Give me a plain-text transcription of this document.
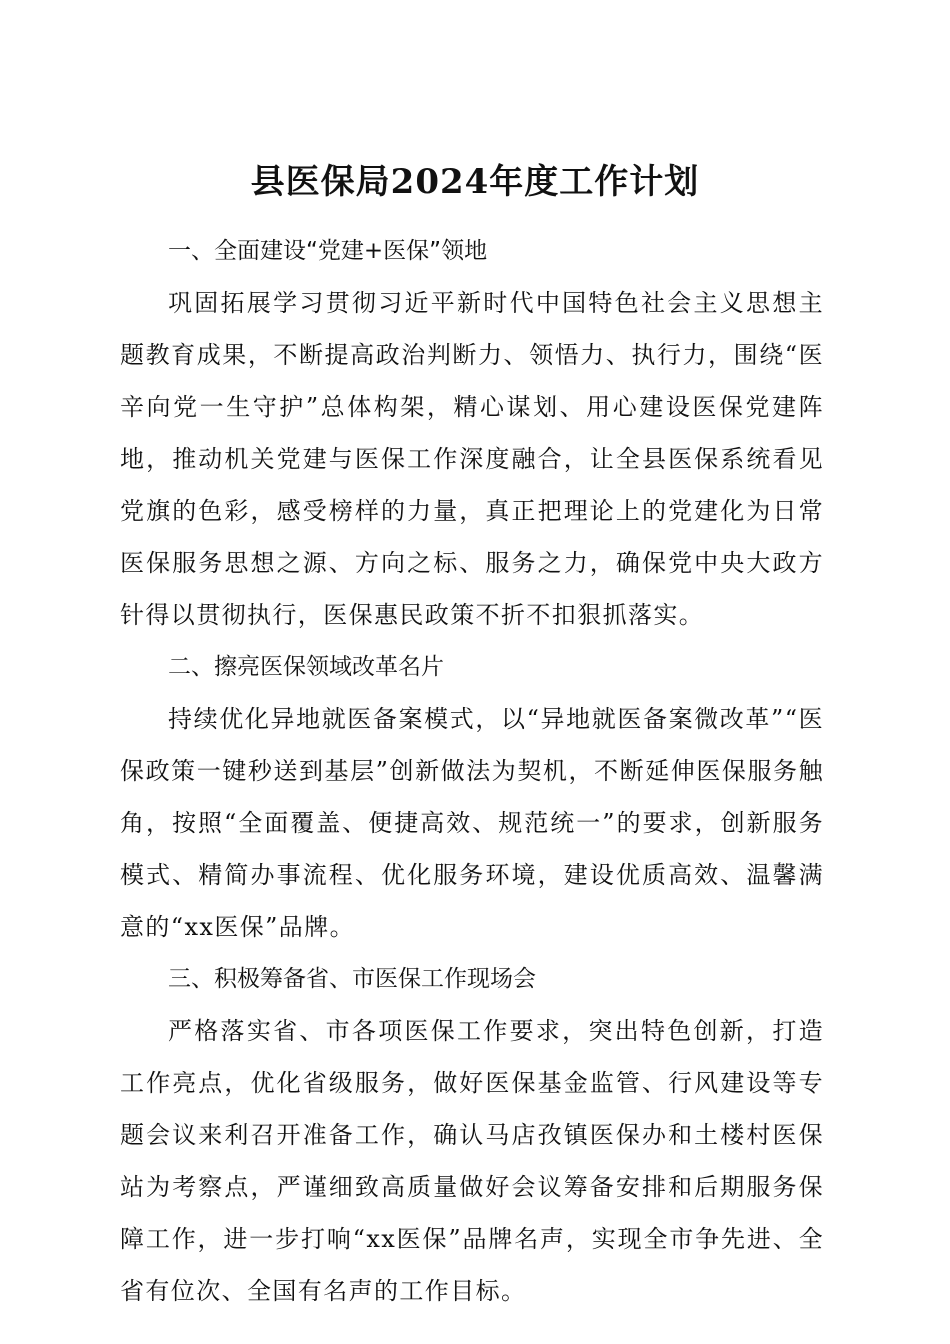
县医保局2024年度工作计划
一、全面建设“党建+医保”领地

巩固拓展学习贯彻习近平新时代中国特色社会主义思想主题教育成果，不断提高政治判断力、领悟力、执行力，围绕“医辛向党一生守护”总体构架，精心谋划、用心建设医保党建阵地，推动机关党建与医保工作深度融合，让全县医保系统看见党旗的色彩，感受榜样的力量，真正把理论上的党建化为日常医保服务思想之源、方向之标、服务之力，确保党中央大政方针得以贯彻执行，医保惠民政策不折不扣狠抓落实。

二、擦亮医保领域改革名片

持续优化异地就医备案模式，以“异地就医备案微改革”“医保政策一键秒送到基层”创新做法为契机，不断延伸医保服务触角，按照“全面覆盖、便捷高效、规范统一”的要求，创新服务模式、精简办事流程、优化服务环境，建设优质高效、温馨满意的“xx医保”品牌。

三、积极筹备省、市医保工作现场会

严格落实省、市各项医保工作要求，突出特色创新，打造工作亮点，优化省级服务，做好医保基金监管、行风建设等专题会议来利召开准备工作，确认马店孜镇医保办和土楼村医保站为考察点，严谨细致高质量做好会议筹备安排和后期服务保障工作，进一步打响“xx医保”品牌名声，实现全市争先进、全省有位次、全国有名声的工作目标。
